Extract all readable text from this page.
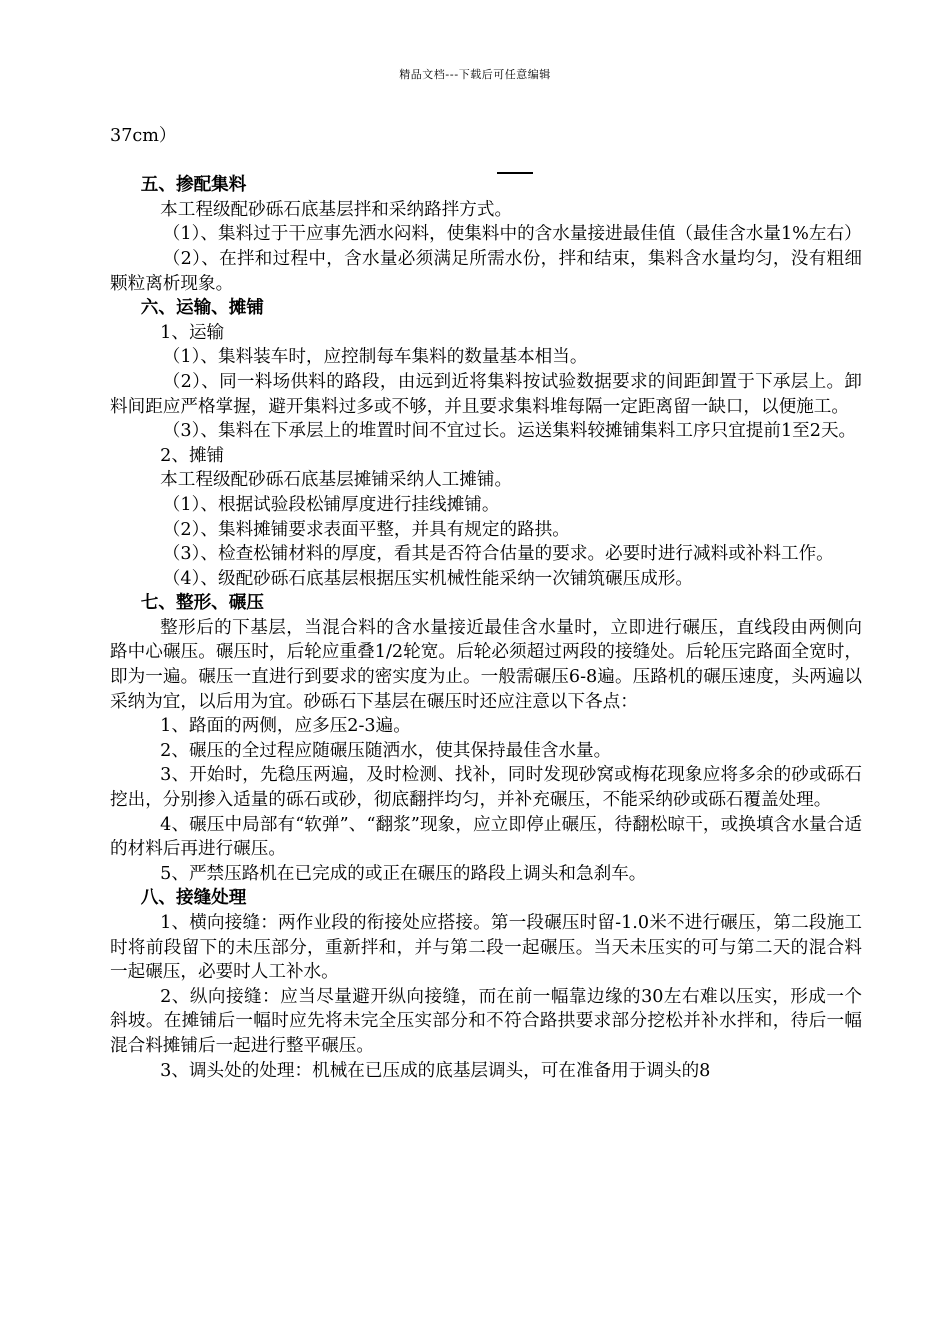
精品文档---下载后可任意编辑

37cm）

五、掺配集料

本工程级配砂砾石底基层拌和采纳路拌方式。

（1）、集料过于干应事先洒水闷料，使集料中的含水量接进最佳值（最佳含水量1%左右）

（2）、在拌和过程中，含水量必须满足所需水份，拌和结束，集料含水量均匀，没有粗细颗粒离析现象。

六、运输、摊铺

1、运输

（1）、集料装车时，应控制每车集料的数量基本相当。

（2）、同一料场供料的路段，由远到近将集料按试验数据要求的间距卸置于下承层上。卸料间距应严格掌握，避开集料过多或不够，并且要求集料堆每隔一定距离留一缺口，以便施工。

（3）、集料在下承层上的堆置时间不宜过长。运送集料较摊铺集料工序只宜提前1至2天。

2、摊铺

本工程级配砂砾石底基层摊铺采纳人工摊铺。

（1）、根据试验段松铺厚度进行挂线摊铺。

（2）、集料摊铺要求表面平整，并具有规定的路拱。

（3）、检查松铺材料的厚度，看其是否符合估量的要求。必要时进行减料或补料工作。

（4）、级配砂砾石底基层根据压实机械性能采纳一次铺筑碾压成形。

七、整形、碾压

整形后的下基层，当混合料的含水量接近最佳含水量时，立即进行碾压，直线段由两侧向路中心碾压。碾压时，后轮应重叠1/2轮宽。后轮必须超过两段的接缝处。后轮压完路面全宽时，即为一遍。碾压一直进行到要求的密实度为止。一般需碾压6-8遍。压路机的碾压速度，头两遍以采纳为宜，以后用为宜。砂砾石下基层在碾压时还应注意以下各点：

1、路面的两侧，应多压2-3遍。

2、碾压的全过程应随碾压随洒水，使其保持最佳含水量。

3、开始时，先稳压两遍，及时检测、找补，同时发现砂窝或梅花现象应将多余的砂或砾石挖出，分别掺入适量的砾石或砂，彻底翻拌均匀，并补充碾压，不能采纳砂或砾石覆盖处理。

4、碾压中局部有“软弹”、“翻浆”现象，应立即停止碾压，待翻松晾干，或换填含水量合适的材料后再进行碾压。

5、严禁压路机在已完成的或正在碾压的路段上调头和急刹车。

八、接缝处理

1、横向接缝：两作业段的衔接处应搭接。第一段碾压时留-1.0米不进行碾压，第二段施工时将前段留下的未压部分，重新拌和，并与第二段一起碾压。当天未压实的可与第二天的混合料一起碾压，必要时人工补水。

2、纵向接缝：应当尽量避开纵向接缝，而在前一幅靠边缘的30左右难以压实，形成一个斜坡。在摊铺后一幅时应先将未完全压实部分和不符合路拱要求部分挖松并补水拌和，待后一幅混合料摊铺后一起进行整平碾压。

3、调头处的处理：机械在已压成的底基层调头，可在准备用于调头的8
